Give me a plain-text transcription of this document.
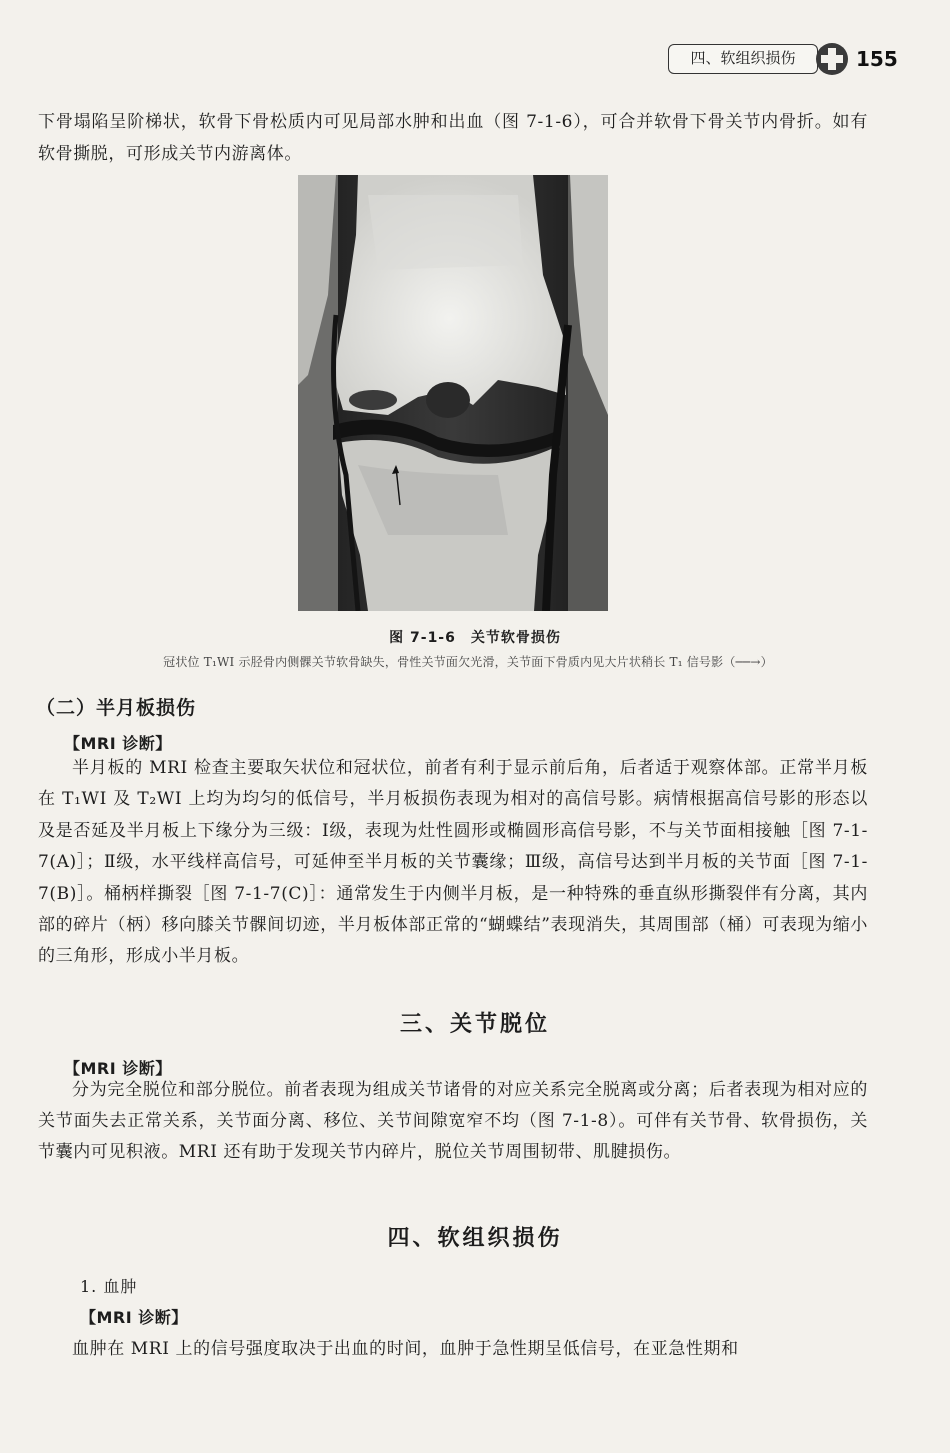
四、软组织损伤	155

下骨塌陷呈阶梯状，软骨下骨松质内可见局部水肿和出血（图 7-1-6），可合并软骨下骨关节内骨折。如有软骨撕脱，可形成关节内游离体。

图 7-1-6　关节软骨损伤
冠状位 T₁WI 示胫骨内侧髁关节软骨缺失，骨性关节面欠光滑，关节面下骨质内见大片状稍长 T₁ 信号影（──→）
（二）半月板损伤
【MRI 诊断】

半月板的 MRI 检查主要取矢状位和冠状位，前者有利于显示前后角，后者适于观察体部。正常半月板在 T₁WI 及 T₂WI 上均为均匀的低信号，半月板损伤表现为相对的高信号影。病情根据高信号影的形态以及是否延及半月板上下缘分为三级：Ⅰ级，表现为灶性圆形或椭圆形高信号影，不与关节面相接触［图 7-1-7(A)］；Ⅱ级，水平线样高信号，可延伸至半月板的关节囊缘；Ⅲ级，高信号达到半月板的关节面［图 7-1-7(B)］。桶柄样撕裂［图 7-1-7(C)］：通常发生于内侧半月板，是一种特殊的垂直纵形撕裂伴有分离，其内部的碎片（柄）移向膝关节髁间切迹，半月板体部正常的“蝴蝶结”表现消失，其周围部（桶）可表现为缩小的三角形，形成小半月板。

三、关节脱位
【MRI 诊断】

分为完全脱位和部分脱位。前者表现为组成关节诸骨的对应关系完全脱离或分离；后者表现为相对应的关节面失去正常关系，关节面分离、移位、关节间隙宽窄不均（图 7-1-8）。可伴有关节骨、软骨损伤，关节囊内可见积液。MRI 还有助于发现关节内碎片，脱位关节周围韧带、肌腱损伤。

四、软组织损伤
1. 血肿
【MRI 诊断】

血肿在 MRI 上的信号强度取决于出血的时间，血肿于急性期呈低信号，在亚急性期和
